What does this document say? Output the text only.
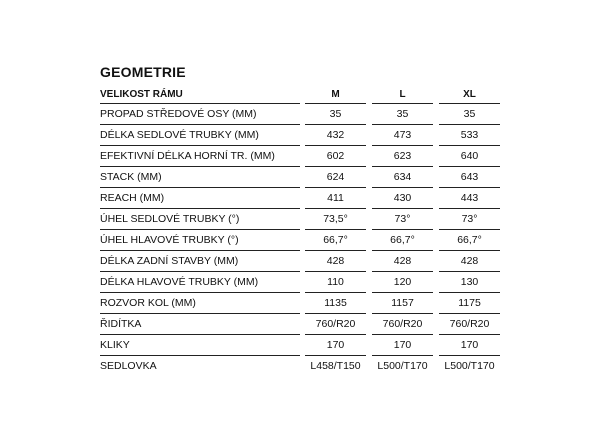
GEOMETRIE
VELIKOST RÁMU		M		L		XL
PROPAD STŘEDOVÉ OSY (MM)		35		35		35
DÉLKA SEDLOVÉ TRUBKY (MM)		432		473		533
EFEKTIVNÍ DÉLKA HORNÍ TR. (MM)		602		623		640
STACK (MM)		624		634		643
REACH (MM)		411		430		443
ÚHEL SEDLOVÉ TRUBKY (°)		73,5°		73°		73°
ÚHEL HLAVOVÉ TRUBKY (°)		66,7°		66,7°		66,7°
DÉLKA ZADNÍ STAVBY (MM)		428		428		428
DÉLKA HLAVOVÉ TRUBKY (MM)		110		120		130
ROZVOR KOL (MM)		1135		1157		1175
ŘIDÍTKA		760/R20		760/R20		760/R20
KLIKY		170		170		170
SEDLOVKA		L458/T150		L500/T170		L500/T170
